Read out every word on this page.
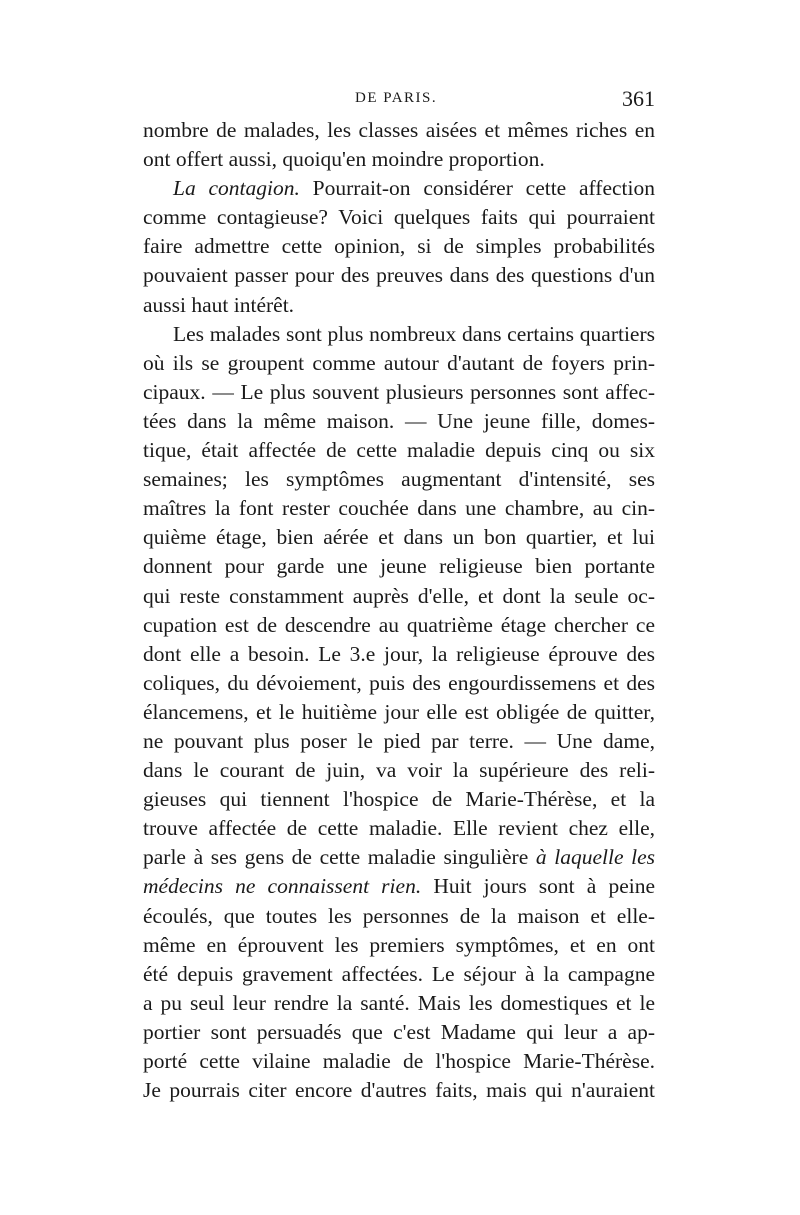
DE PARIS.	361
nombre de malades, les classes aisées et mêmes riches en
ont offert aussi, quoiqu'en moindre proportion.
La contagion. Pourrait-on considérer cette affection
comme contagieuse? Voici quelques faits qui pourraient
faire admettre cette opinion, si de simples probabilités
pouvaient passer pour des preuves dans des questions d'un
aussi haut intérêt.
Les malades sont plus nombreux dans certains quartiers
où ils se groupent comme autour d'autant de foyers prin-
cipaux. — Le plus souvent plusieurs personnes sont affec-
tées dans la même maison. — Une jeune fille, domes-
tique, était affectée de cette maladie depuis cinq ou six
semaines; les symptômes augmentant d'intensité, ses
maîtres la font rester couchée dans une chambre, au cin-
quième étage, bien aérée et dans un bon quartier, et lui
donnent pour garde une jeune religieuse bien portante
qui reste constamment auprès d'elle, et dont la seule oc-
cupation est de descendre au quatrième étage chercher ce
dont elle a besoin. Le 3.e jour, la religieuse éprouve des
coliques, du dévoiement, puis des engourdissemens et des
élancemens, et le huitième jour elle est obligée de quitter,
ne pouvant plus poser le pied par terre. — Une dame,
dans le courant de juin, va voir la supérieure des reli-
gieuses qui tiennent l'hospice de Marie-Thérèse, et la
trouve affectée de cette maladie. Elle revient chez elle,
parle à ses gens de cette maladie singulière à laquelle les
médecins ne connaissent rien. Huit jours sont à peine
écoulés, que toutes les personnes de la maison et elle-
même en éprouvent les premiers symptômes, et en ont
été depuis gravement affectées. Le séjour à la campagne
a pu seul leur rendre la santé. Mais les domestiques et le
portier sont persuadés que c'est Madame qui leur a ap-
porté cette vilaine maladie de l'hospice Marie-Thérèse.
Je pourrais citer encore d'autres faits, mais qui n'auraient
